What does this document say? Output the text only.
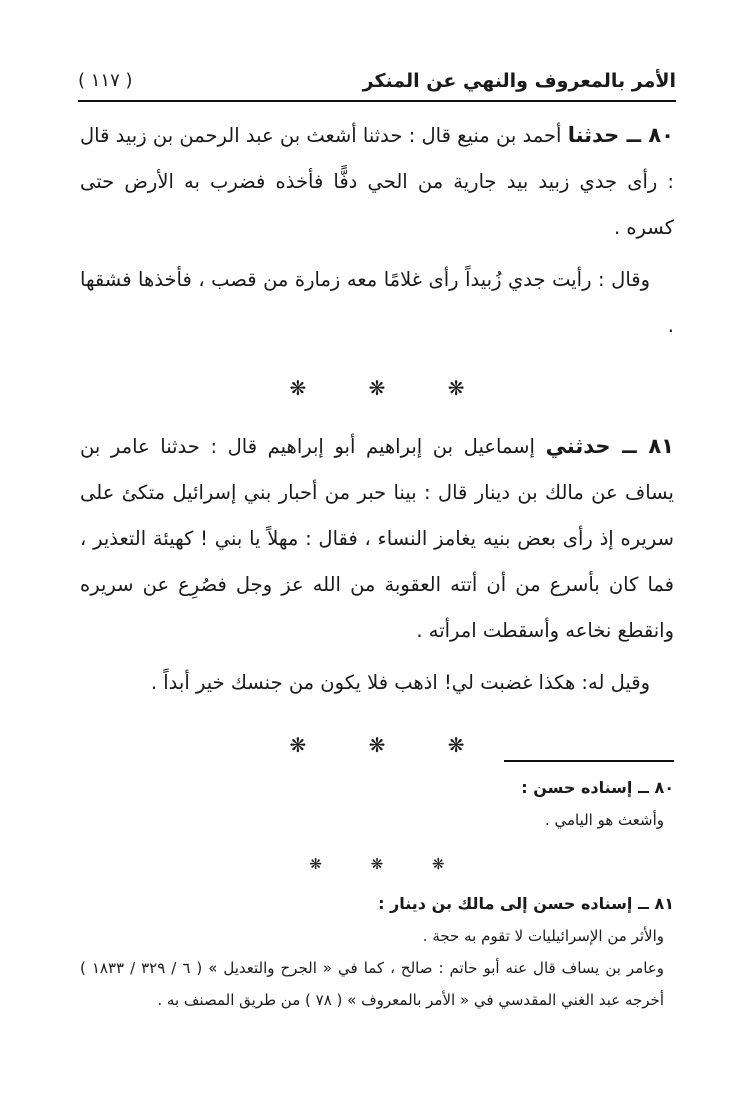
الأمر بالمعروف والنهي عن المنكر
( ١١٧ )

٨٠ ــ حدثنا أحمد بن منيع قال : حدثنا أشعث بن عبد الرحمن بن زبيد قال : رأى جدي زبيد بيد جارية من الحي دفًّا فأخذه فضرب به الأرض حتى كسره .

وقال : رأيت جدي زُبيداً رأى غلامًا معه زمارة من قصب ، فأخذها فشقها .

❋ ❋ ❋

٨١ ــ حدثني إسماعيل بن إبراهيم أبو إبراهيم قال : حدثنا عامر بن يساف عن مالك بن دينار قال : بينا حبر من أحبار بني إسرائيل متكئ على سريره إذ رأى بعض بنيه يغامز النساء ، فقال : مهلاً يا بني ! كهيئة التعذير ، فما كان بأسرع من أن أتته العقوبة من الله عز وجل فصُرِع عن سريره وانقطع نخاعه وأسقطت امرأته .

وقيل له: هكذا غضبت لي! اذهب فلا يكون من جنسك خير أبداً .

❋ ❋ ❋

٨٠ ــ إسناده حسن :

وأشعث هو اليامي .

❋ ❋ ❋

٨١ ــ إسناده حسن إلى مالك بن دينار :

والأثر من الإسرائيليات لا تقوم به حجة .

وعامر بن يساف قال عنه أبو حاتم : صالح ، كما في « الجرح والتعديل » ( ٦ / ٣٢٩ / ١٨٣٣ ) أخرجه عبد الغني المقدسي في « الأمر بالمعروف » ( ٧٨ ) من طريق المصنف به .
